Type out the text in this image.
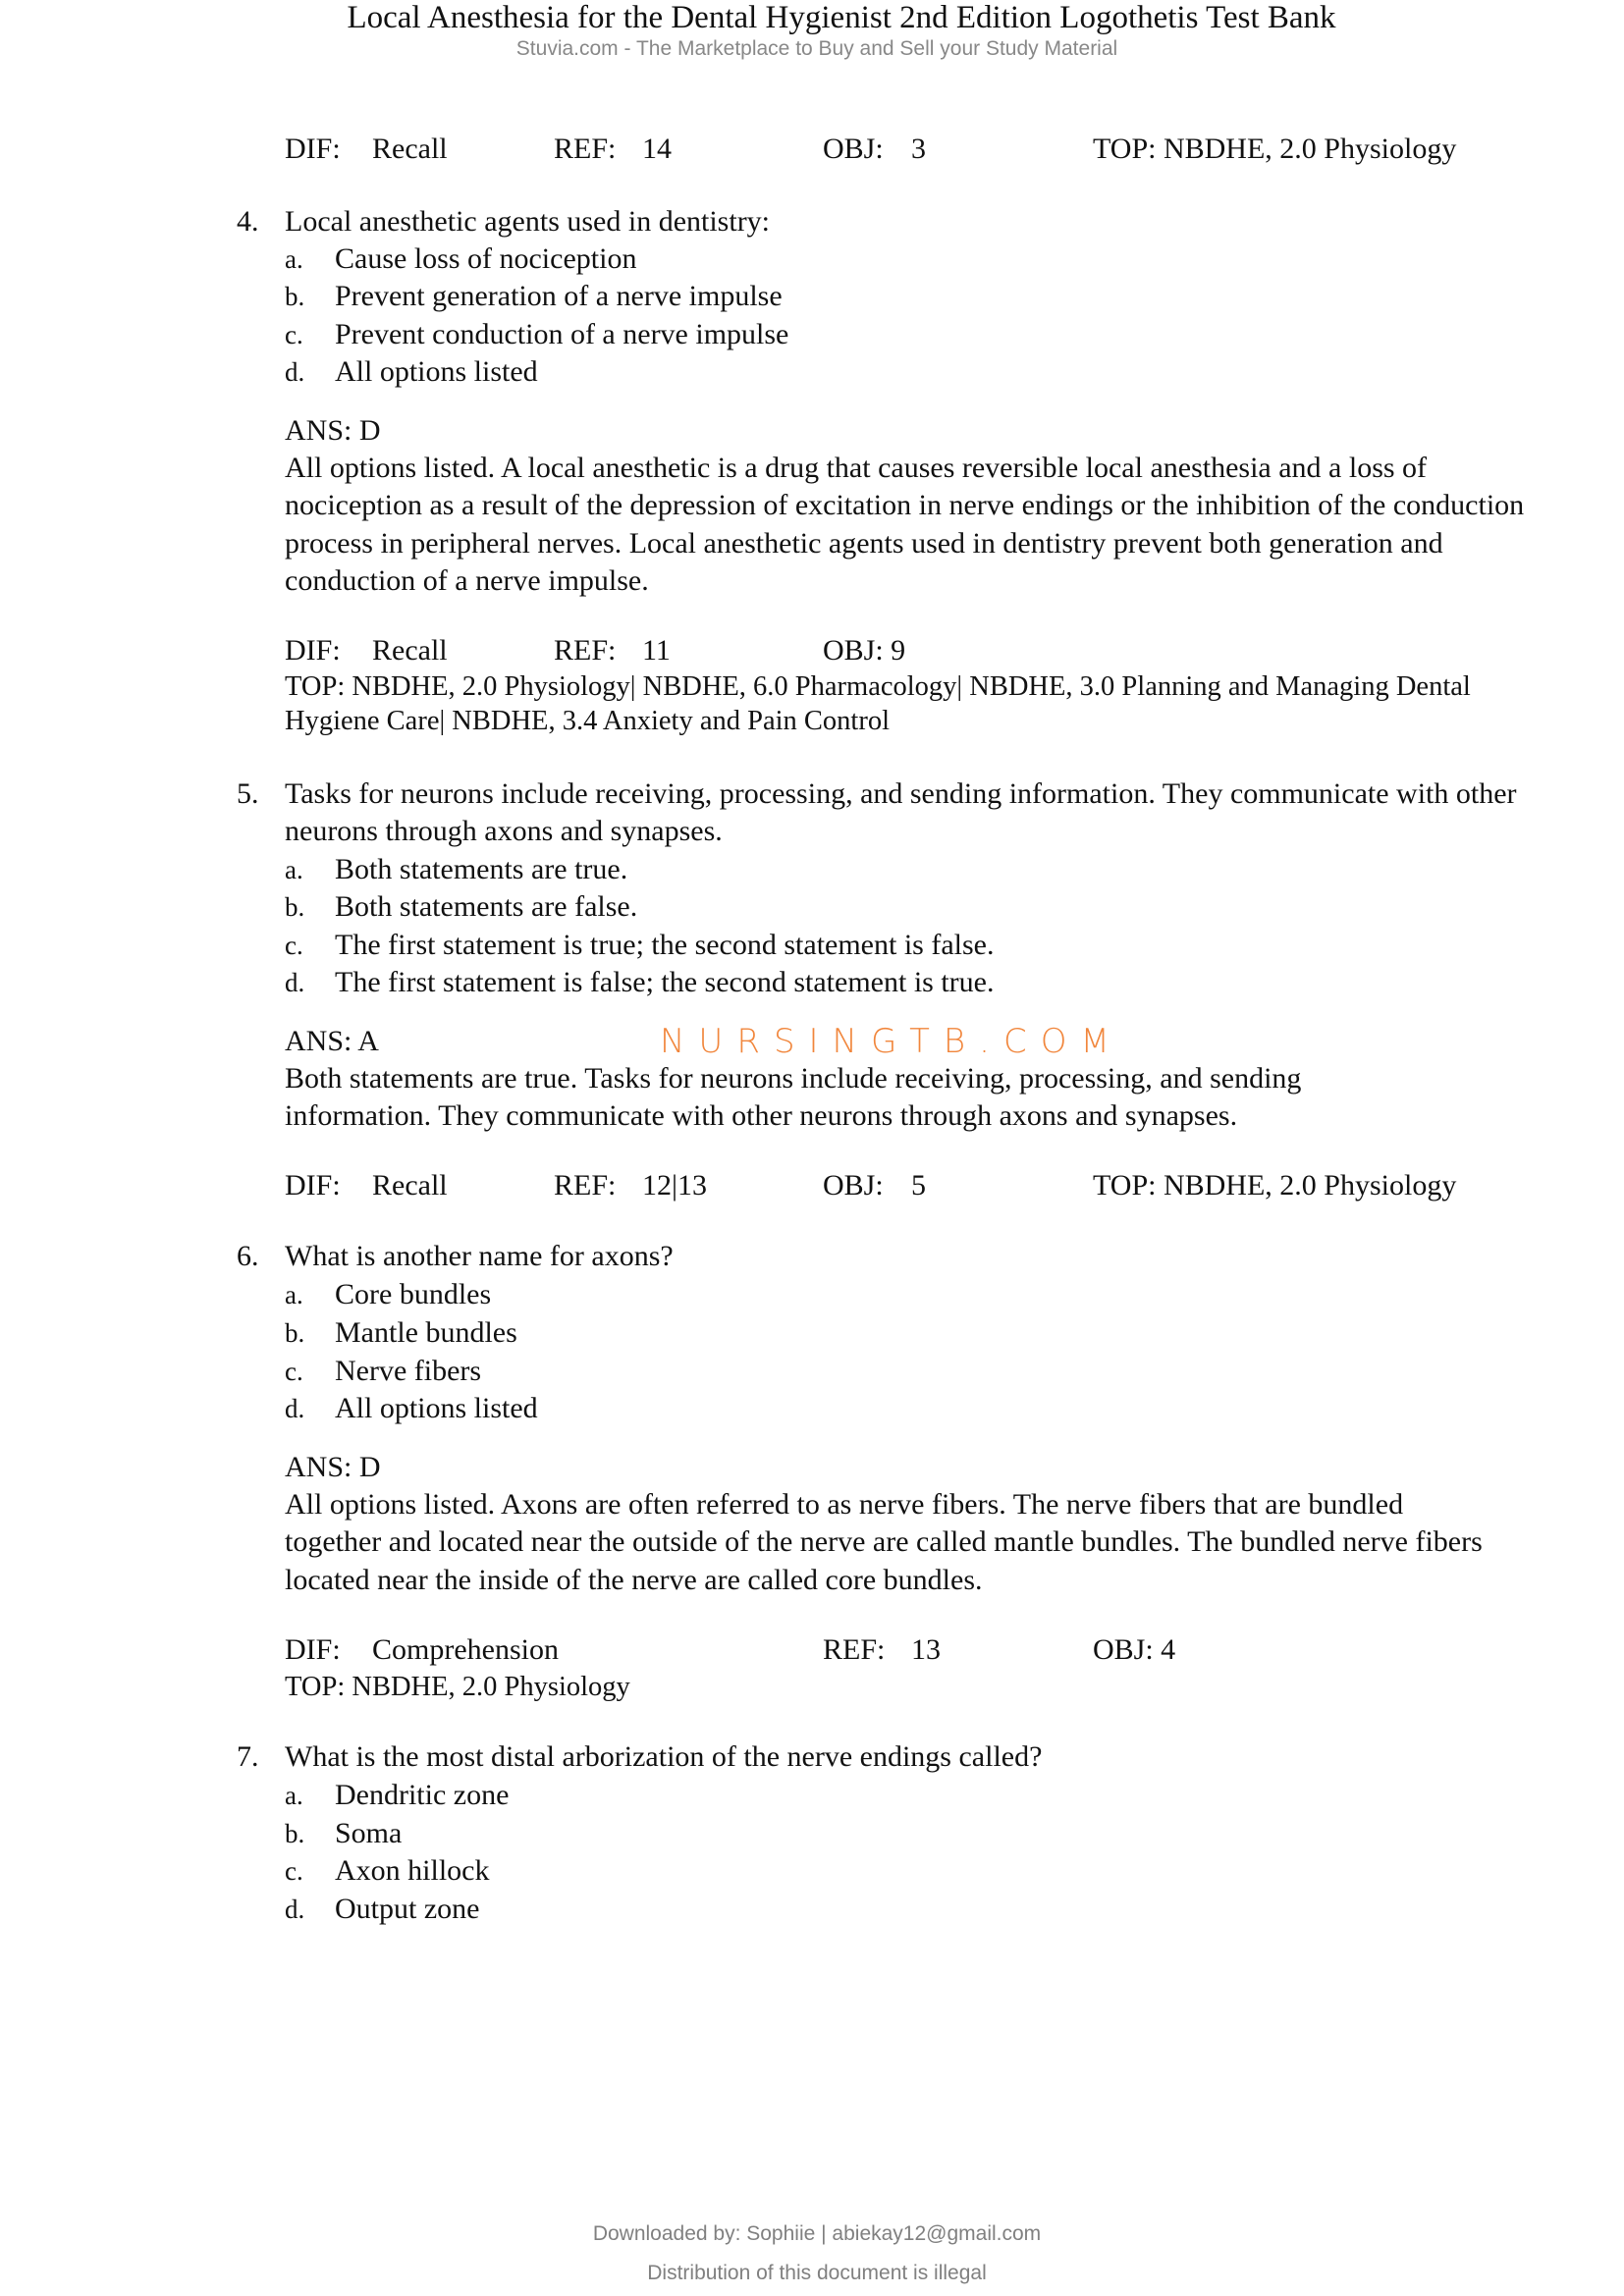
Local Anesthesia for the Dental Hygienist 2nd Edition Logothetis Test Bank
Stuvia.com - The Marketplace to Buy and Sell your Study Material
DIF: Recall	REF: 14	OBJ: 3	TOP: NBDHE, 2.0 Physiology
4. Local anesthetic agents used in dentistry:
a. Cause loss of nociception
b. Prevent generation of a nerve impulse
c. Prevent conduction of a nerve impulse
d. All options listed
ANS: D
All options listed. A local anesthetic is a drug that causes reversible local anesthesia and a loss of nociception as a result of the depression of excitation in nerve endings or the inhibition of the conduction process in peripheral nerves. Local anesthetic agents used in dentistry prevent both generation and conduction of a nerve impulse.
DIF: Recall	REF: 11	OBJ: 9
TOP: NBDHE, 2.0 Physiology| NBDHE, 6.0 Pharmacology| NBDHE, 3.0 Planning and Managing Dental Hygiene Care| NBDHE, 3.4 Anxiety and Pain Control
5. Tasks for neurons include receiving, processing, and sending information. They communicate with other neurons through axons and synapses.
a. Both statements are true.
b. Both statements are false.
c. The first statement is true; the second statement is false.
d. The first statement is false; the second statement is true.
ANS: A	NURSINGTB.COM
Both statements are true. Tasks for neurons include receiving, processing, and sending information. They communicate with other neurons through axons and synapses.
DIF: Recall	REF: 12|13	OBJ: 5	TOP: NBDHE, 2.0 Physiology
6. What is another name for axons?
a. Core bundles
b. Mantle bundles
c. Nerve fibers
d. All options listed
ANS: D
All options listed. Axons are often referred to as nerve fibers. The nerve fibers that are bundled together and located near the outside of the nerve are called mantle bundles. The bundled nerve fibers located near the inside of the nerve are called core bundles.
DIF: Comprehension	REF: 13	OBJ: 4
TOP: NBDHE, 2.0 Physiology
7. What is the most distal arborization of the nerve endings called?
a. Dendritic zone
b. Soma
c. Axon hillock
d. Output zone
Downloaded by: Sophiie | abiekay12@gmail.com
Distribution of this document is illegal
